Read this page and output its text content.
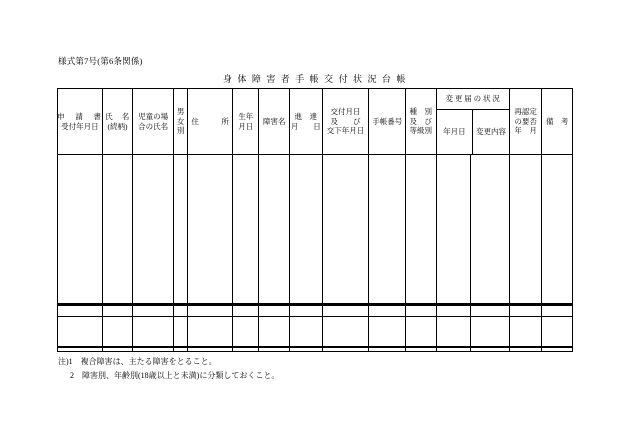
様式第7号(第6条関係)
身 体 障 害 者 手 帳 交 付 状 況 台 帳
申　請　書
受付年月日

氏　名
(続柄)

児童の場
合の氏名

男
女
別

住　　　所

生年
月日

障害名

進　達
月　　日

交付月日
及　　び
交下年月日

手帳番号

種　別
及　び
等級別

変 更 届 の 状 況
年月日	変更内容

再認定
の要否
年　月

備　考

注)1　複合障害は、主たる障害をとること。
2　障害別、年齢別(18歳以上と未満)に分類しておくこと。
